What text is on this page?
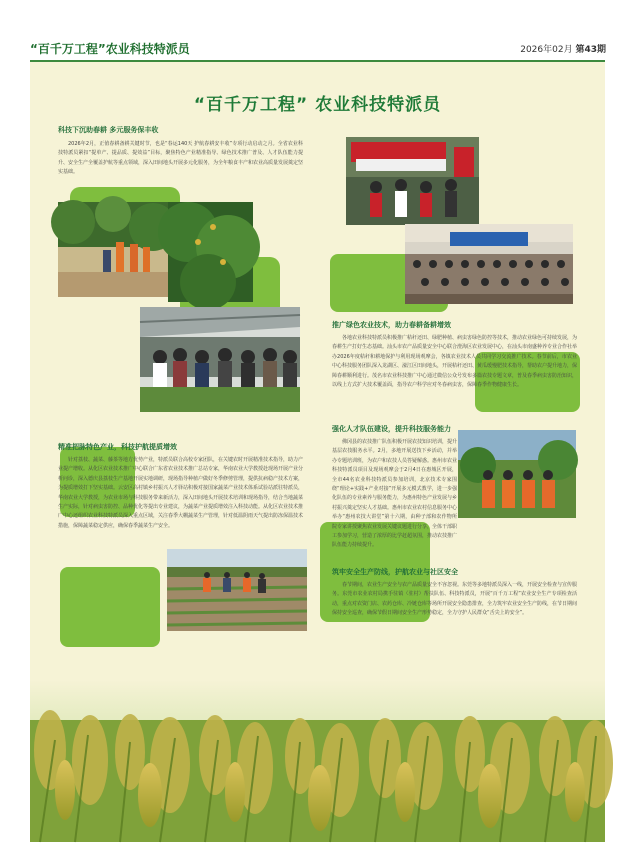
“百千万工程”农业科技特派员	2026年02月 第43期
“百千万工程” 农业科技特派员
科技下沉助春耕 多元服务保丰收
2026年2月，正值春耕备耕关键时节，也是“春运140天 护航春耕安丰收”专项行动启动之月。全省农业科技特派员紧扣“提单产、提品质、提效益”目标，聚焦特色产业精准指导、绿色技术推广普及、人才队伍能力提升、安全生产全覆盖护航等重点领域，深入田间地头开展多元化服务，为全年粮食丰产和农业高质量发展奠定坚实基础。
精准把脉特色产业，科技护航提质增效
针对荔枝、蔬菜、藤茶等地方优势产业，特派员联合高校专家团队，在关键农时开展精准技术指导，助力产业提产增收。从化区农业技术推广中心联合广东省农业技术推广总站专家，华南农业大学教授赴现场开展产业分析问诊，深入德庆县荔枝生产基地开展实地调研，现场指导种植户做好冬季修剪管理，提供抗病稳产技术方案，为提质增效打下坚实基础。云安区高村镇乡村振兴人才驿站积极对接国家蔬菜产业技术体系试验站派驻特派员，华南农业大学教授，为农业市场与科技服务带来新活力，深入田间地头开展技术培训和现场指导，结合当地蔬菜生产实际，针对病虫害防控、品种优化等提出专业建议，为蔬菜产业提质增效注入科技动能。从化区农业技术推广中心还组织农业科技特派员深入重点区域，关注春季大棚蔬菜生产管理，针对低温阴雨天气提出防冻保温技术措施，保障蔬菜稳定供应，确保春季蔬菜生产安全。
推广绿色农业技术，助力春耕备耕增效
各地农业科技特派员积极推广秸秆还田、绿肥种植、病虫害绿色防控等技术，推动农业绿色可持续发展，为春耕生产打好生态基础。汕头市农产品质量安全中心联合澄海区农业发展中心，在汕头市南盛种养专业合作社举办2026年度秸秆和耕地保护与利用现场观摩会，各镇农业技术人员共同学习交流推广技术。春节前后，市农业中心科技服务团队深入龙湖区、濠江区田间地头，开展秸秆还田、黄瓜缓慢肥技术指导，帮助农户提升地力，保障春耕顺利进行。茂名市农业科技推广中心通过微信公众号发布多篇农技专题文章，普及春季病虫害防治知识，以线上方式扩大技术覆盖面，指导农户科学应对冬春病虫害，保障春季作物健康生长。
强化人才队伍建设，提升科技服务能力
佛冈县的农技推广队伍积极开展农技知识培训，提升基层农技服务水平。2月，多地开展送技下乡活动，并举办专题培训班，为农户和农技人员答疑解惑。惠州市农业科技特派员项目及现场观摩会于2月4日在惠城区开展，全市44名农业科技特派员参加培训，北京技术专家围绕“理论+实践+产业对接”开展多元模式教学，进一步强化队伍的专业素养与服务能力，为惠州特色产业发展与乡村振兴奠定坚实人才基础。惠州市农业农村信息服务中心举办“惠州农技大讲堂”第十六期，由种子部和农作物所院专家讲授聚焦农业发展关键议题进行分享，全体干部职工参加学习，营造了浓厚的比学赶超氛围，推动农技推广队伍能力持续提升。
筑牢安全生产防线，护航农业与社区安全
春节期间，农业生产安全与农产品质量安全不容忽视。东莞等多地特派员深入一线，开展安全检查与宣传服务。东莞市农业农村局携手驻镇（驻村）帮扶队伍、科技特派员，开展“百千万工程”农业安全生产专项检查活动，重点对农资门店、农药仓库、冷链仓库等场所开展安全隐患排查，全力筑牢农业安全生产防线，在节日期间保持安全巡查，确保节假日期间安全生产形势稳定，全力守护人民群众“舌尖上的安全”。
